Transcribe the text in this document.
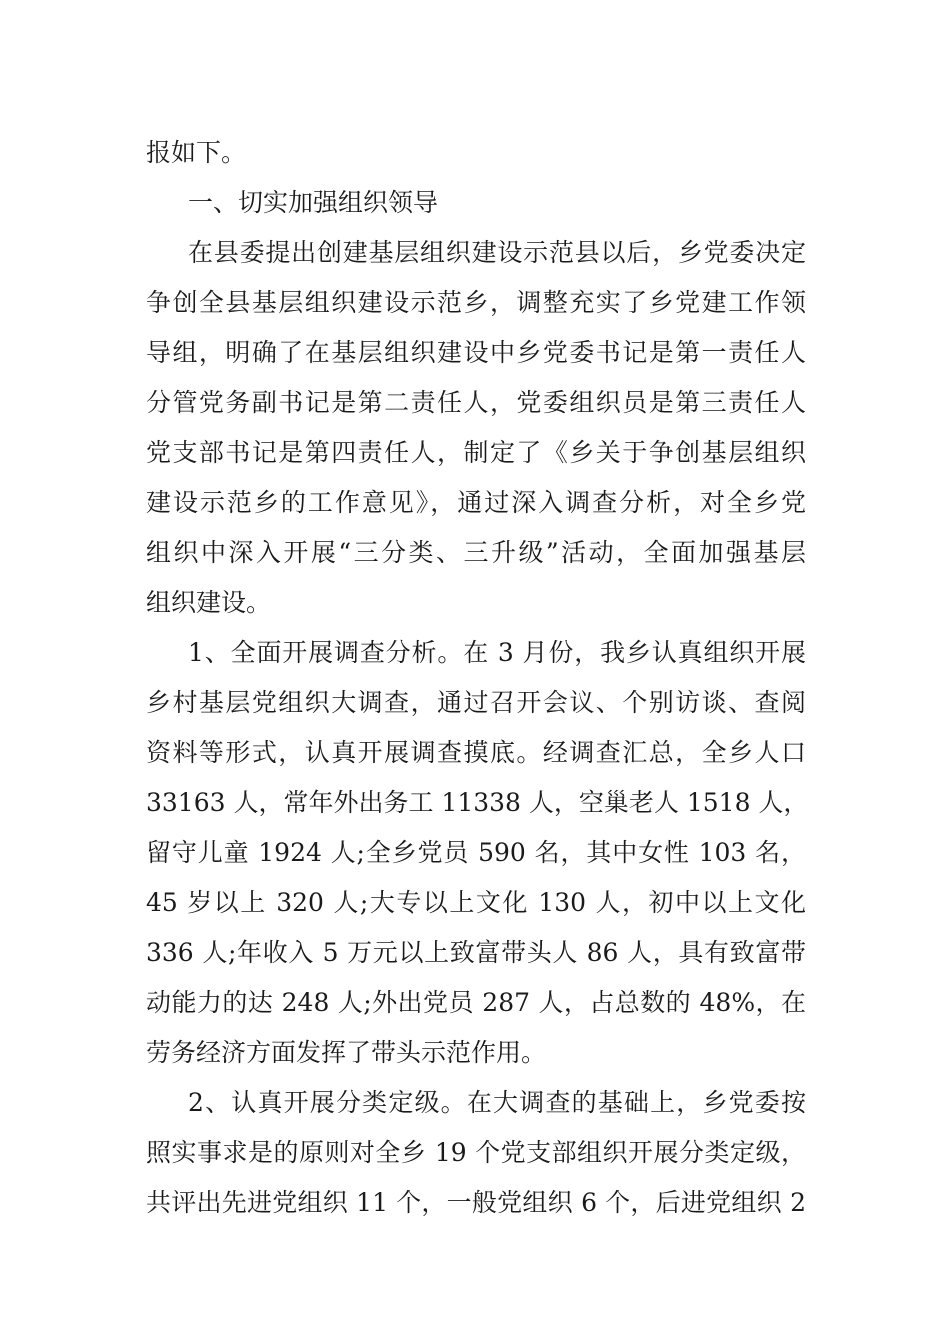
报如下。
一、切实加强组织领导
在县委提出创建基层组织建设示范县以后，乡党委决定
争创全县基层组织建设示范乡，调整充实了乡党建工作领
导组，明确了在基层组织建设中乡党委书记是第一责任人
分管党务副书记是第二责任人，党委组织员是第三责任人
党支部书记是第四责任人，制定了《乡关于争创基层组织
建设示范乡的工作意见》，通过深入调查分析，对全乡党
组织中深入开展“三分类、三升级”活动，全面加强基层
组织建设。
1、全面开展调查分析。在 3 月份，我乡认真组织开展
乡村基层党组织大调查，通过召开会议、个别访谈、查阅
资料等形式，认真开展调查摸底。经调查汇总，全乡人口
33163 人，常年外出务工 11338 人，空巢老人 1518 人，
留守儿童 1924 人;全乡党员 590 名，其中女性 103 名，
45 岁以上 320 人;大专以上文化 130 人，初中以上文化
336 人;年收入 5 万元以上致富带头人 86 人，具有致富带
动能力的达 248 人;外出党员 287 人，占总数的 48%，在
劳务经济方面发挥了带头示范作用。
2、认真开展分类定级。在大调查的基础上，乡党委按
照实事求是的原则对全乡 19 个党支部组织开展分类定级，
共评出先进党组织 11 个，一般党组织 6 个，后进党组织 2
